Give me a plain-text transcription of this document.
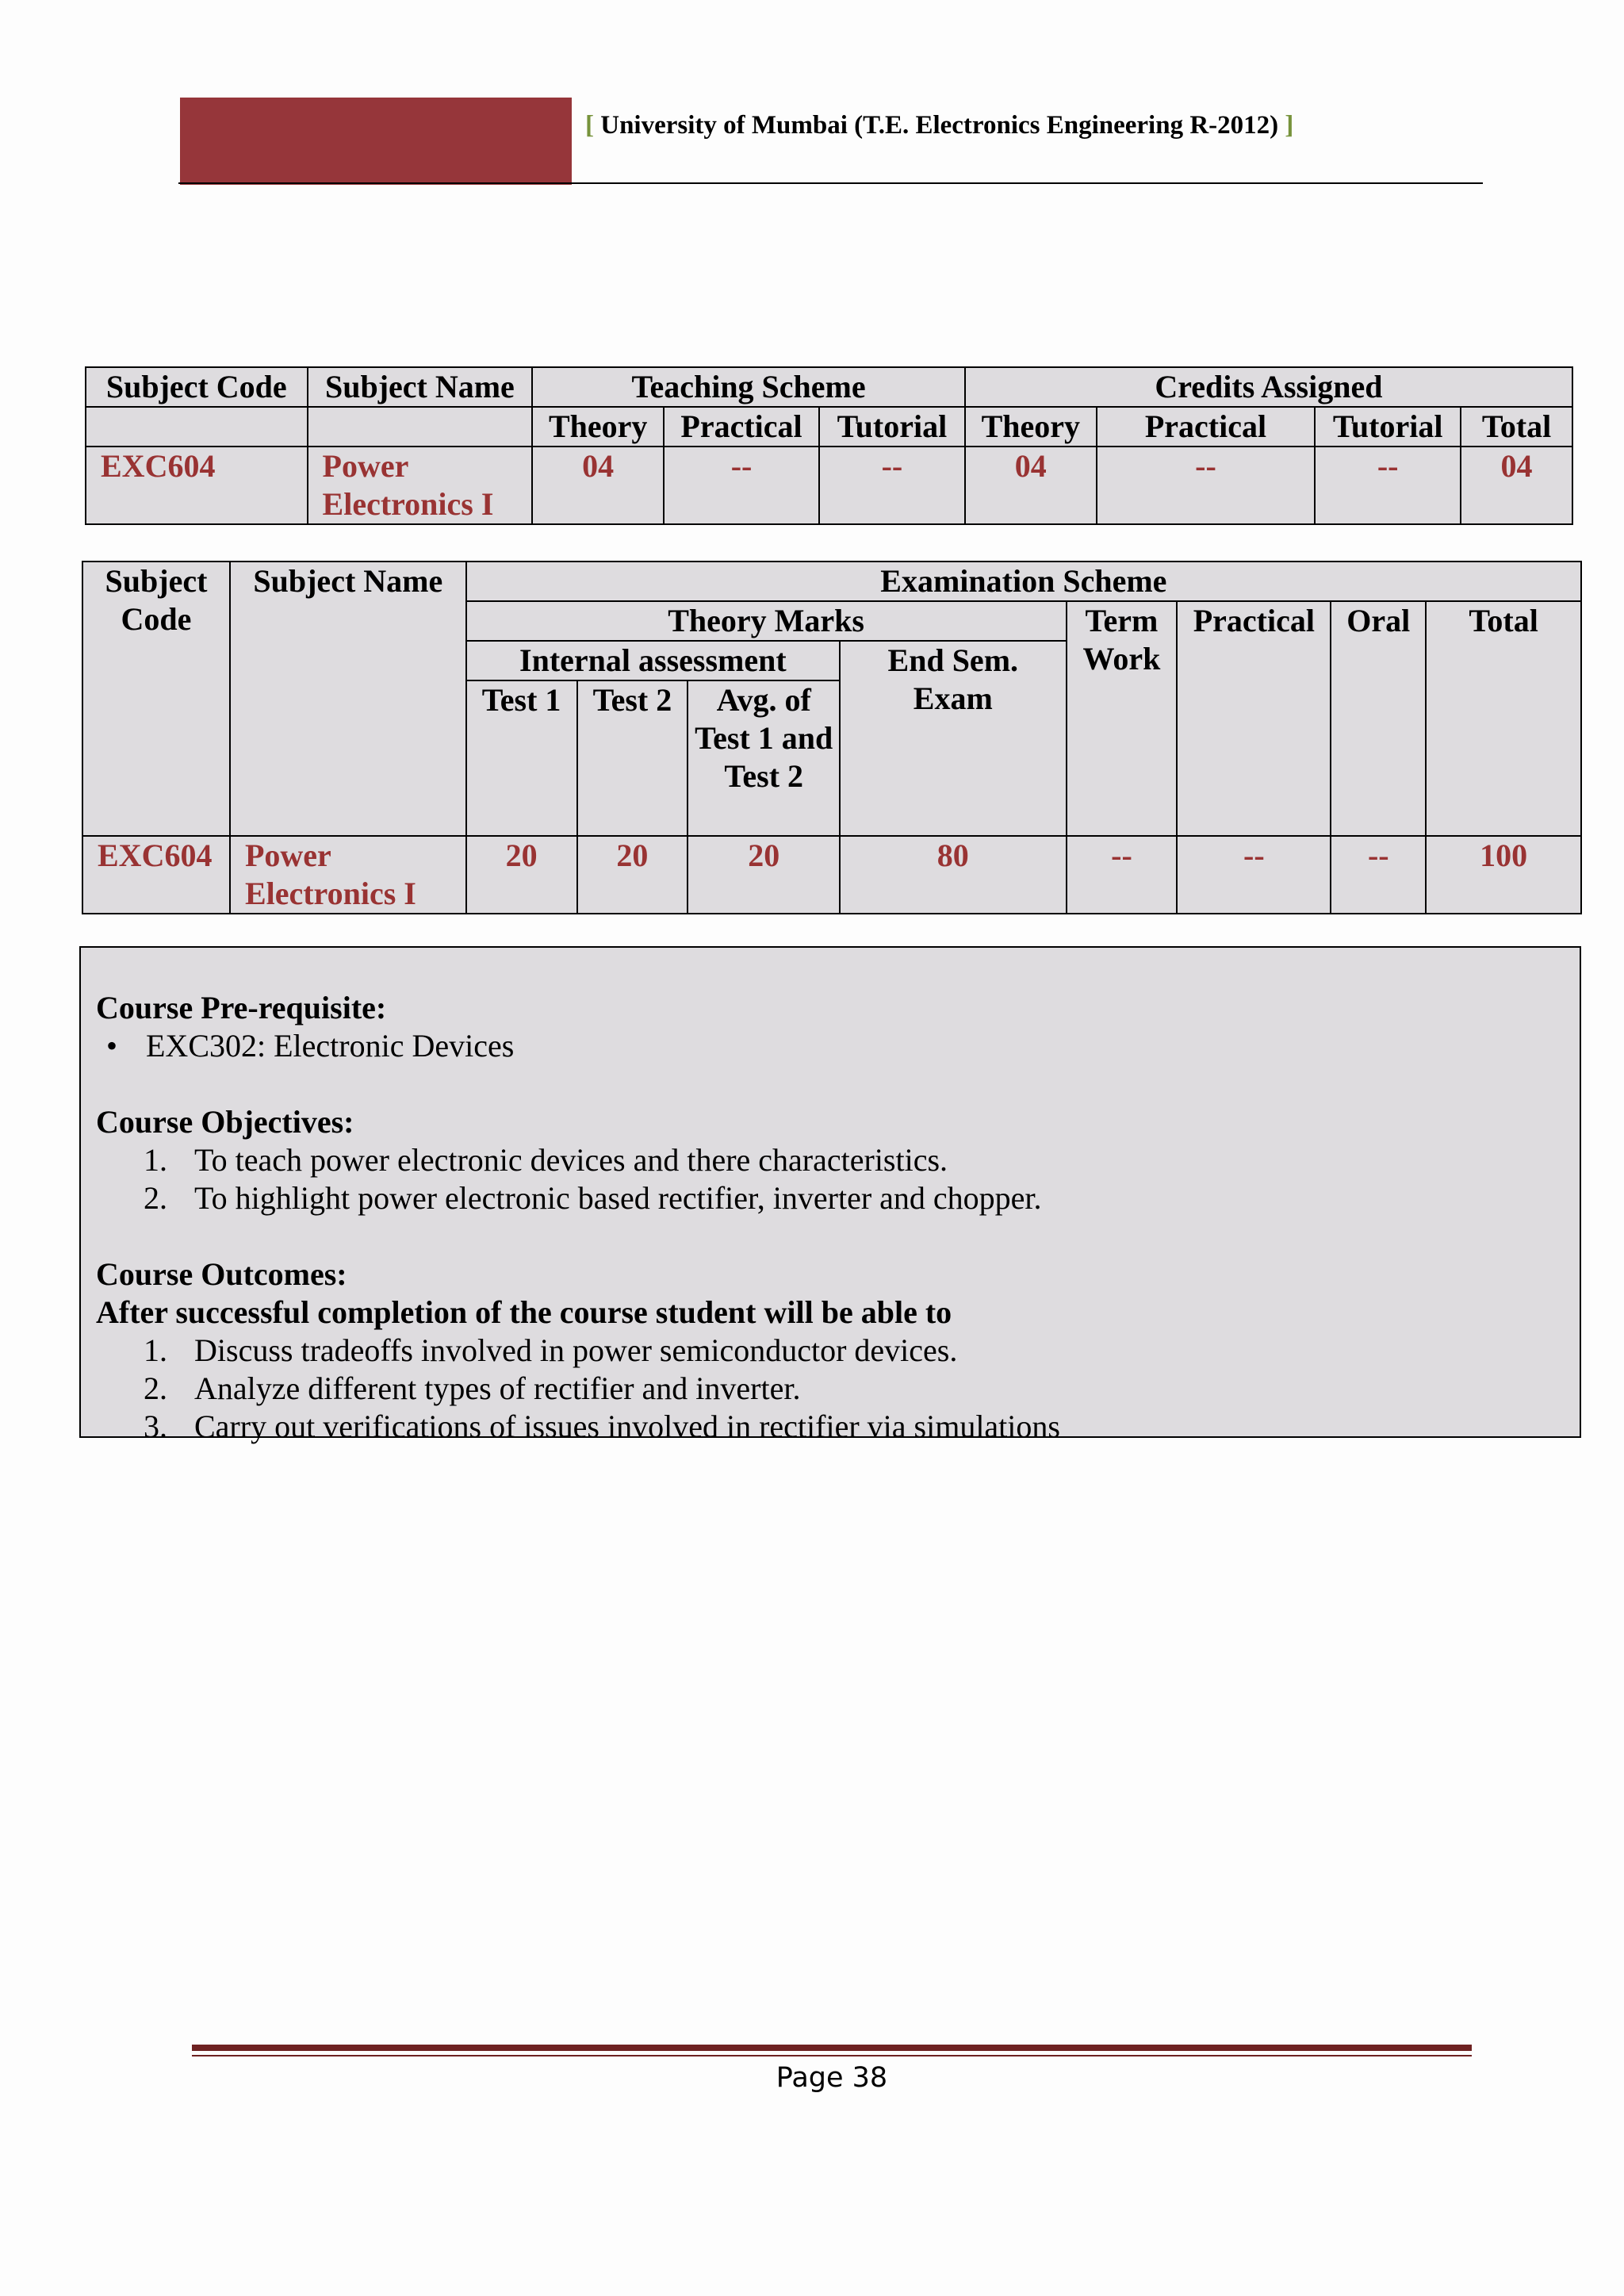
[ University of Mumbai (T.E. Electronics Engineering R-2012) ]
Subject Code	Subject Name	Teaching Scheme			Credits Assigned			
		Theory	Practical	Tutorial	Theory	Practical	Tutorial	Total
EXC604	Power Electronics I	04	--	--	04	--	--	04
Subject Code	Subject Name	Examination Scheme							
		Theory Marks				Term Work	Practical	Oral	Total
		Internal assessment			End Sem. Exam				
		Test 1	Test 2	Avg. of Test 1 and Test 2					
EXC604	Power Electronics I	20	20	20	80	--	--	--	100
Course Pre-requisite:
• EXC302: Electronic Devices
Course Objectives:
1. To teach power electronic devices and there characteristics.
2. To highlight power electronic based rectifier, inverter and chopper.
Course Outcomes:
After successful completion of the course student will be able to
1. Discuss tradeoffs involved in power semiconductor devices.
2. Analyze different types of rectifier and inverter.
3. Carry out verifications of issues involved in rectifier via simulations
Page 38
